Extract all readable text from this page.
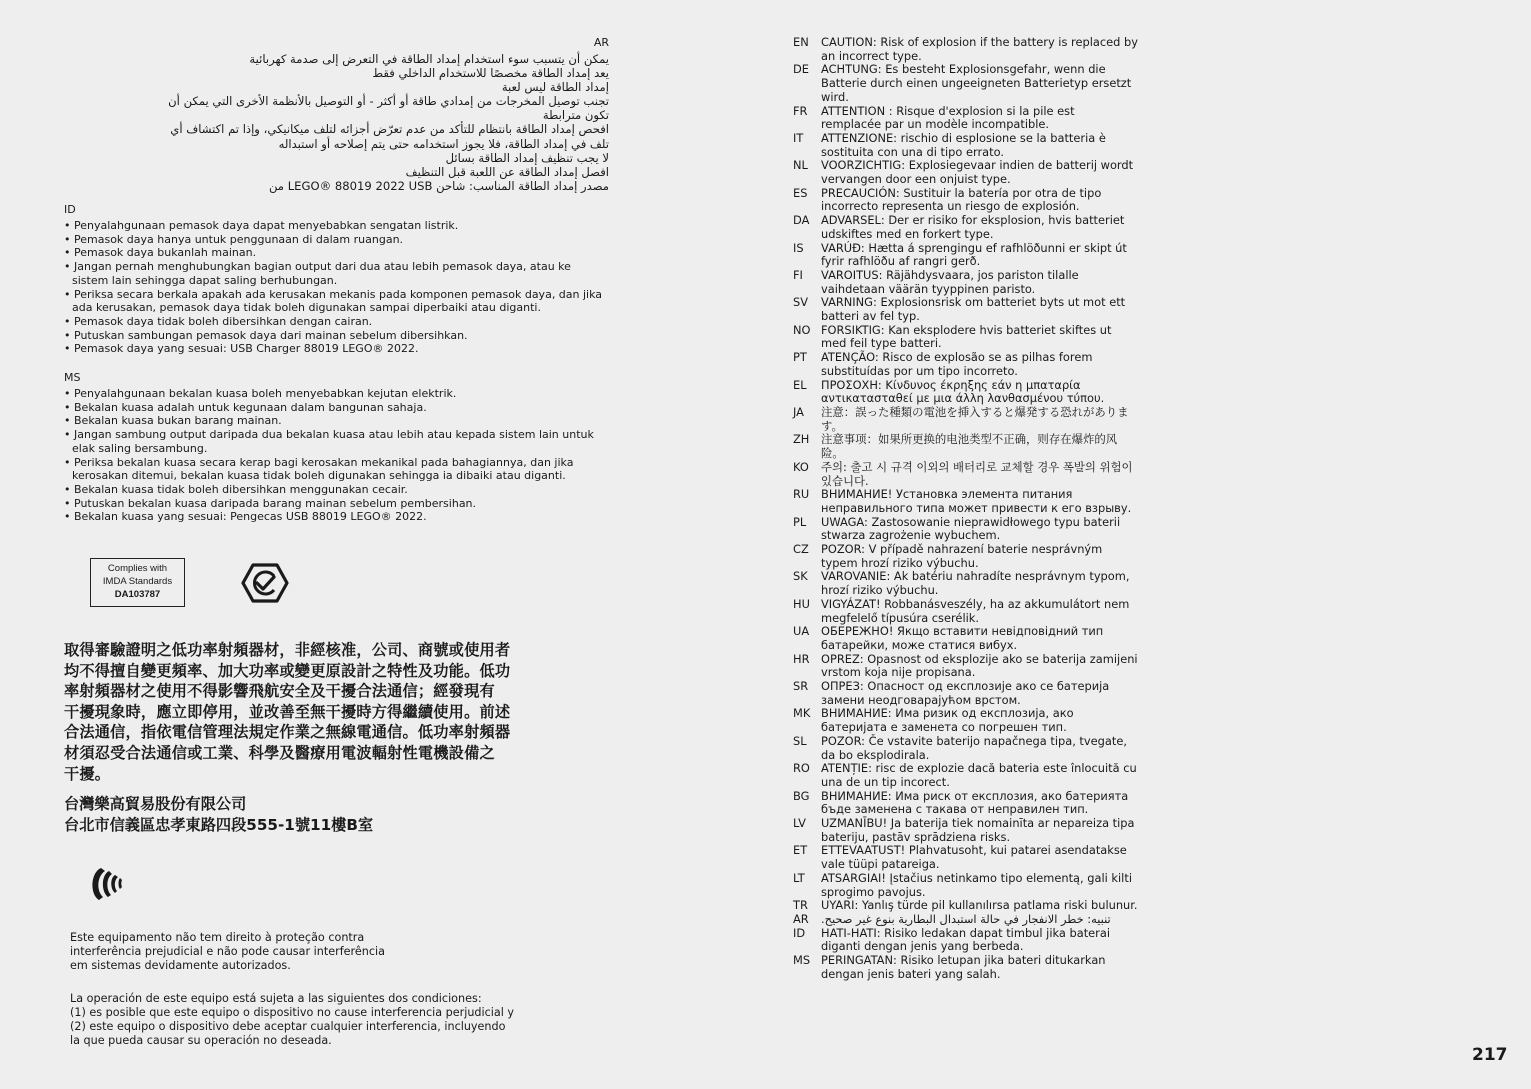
AR
يمكن أن يتسبب سوء استخدام إمداد الطاقة في التعرض إلى صدمة كهربائية
يعد إمداد الطاقة مخصصًا للاستخدام الداخلي فقط
إمداد الطاقة ليس لعبة
تجنب توصيل المخرجات من إمدادي طاقة أو أكثر - أو التوصيل بالأنظمة الأخرى التي يمكن أن
تكون مترابطة
افحص إمداد الطاقة بانتظام للتأكد من عدم تعرّض أجزائه لتلف ميكانيكي، وإذا تم اكتشاف أي
تلف في إمداد الطاقة، فلا يجوز استخدامه حتى يتم إصلاحه أو استبداله
لا يجب تنظيف إمداد الطاقة بسائل
افصل إمداد الطاقة عن اللعبة قبل التنظيف
مصدر إمداد الطاقة المناسب: شاحن LEGO® 88019 2022 USB من
ID
• Penyalahgunaan pemasok daya dapat menyebabkan sengatan listrik.
• Pemasok daya hanya untuk penggunaan di dalam ruangan.
• Pemasok daya bukanlah mainan.
• Jangan pernah menghubungkan bagian output dari dua atau lebih pemasok daya, atau ke sistem lain sehingga dapat saling berhubungan.
• Periksa secara berkala apakah ada kerusakan mekanis pada komponen pemasok daya, dan jika ada kerusakan, pemasok daya tidak boleh digunakan sampai diperbaiki atau diganti.
• Pemasok daya tidak boleh dibersihkan dengan cairan.
• Putuskan sambungan pemasok daya dari mainan sebelum dibersihkan.
• Pemasok daya yang sesuai: USB Charger 88019 LEGO® 2022.
MS
• Penyalahgunaan bekalan kuasa boleh menyebabkan kejutan elektrik.
• Bekalan kuasa adalah untuk kegunaan dalam bangunan sahaja.
• Bekalan kuasa bukan barang mainan.
• Jangan sambung output daripada dua bekalan kuasa atau lebih atau kepada sistem lain untuk elak saling bersambung.
• Periksa bekalan kuasa secara kerap bagi kerosakan mekanikal pada bahagiannya, dan jika kerosakan ditemui, bekalan kuasa tidak boleh digunakan sehingga ia dibaiki atau diganti.
• Bekalan kuasa tidak boleh dibersihkan menggunakan cecair.
• Putuskan bekalan kuasa daripada barang mainan sebelum pembersihan.
• Bekalan kuasa yang sesuai: Pengecas USB 88019 LEGO® 2022.
Complies with
IMDA Standards
DA103787
取得審驗證明之低功率射頻器材，非經核准，公司、商號或使用者
均不得擅自變更頻率、加大功率或變更原設計之特性及功能。低功
率射頻器材之使用不得影響飛航安全及干擾合法通信；經發現有
干擾現象時，應立即停用，並改善至無干擾時方得繼續使用。前述
合法通信，指依電信管理法規定作業之無線電通信。低功率射頻器
材須忍受合法通信或工業、科學及醫療用電波輻射性電機設備之
干擾。
台灣樂高貿易股份有限公司
台北市信義區忠孝東路四段555-1號11樓B室
Este equipamento não tem direito à proteção contra
interferência prejudicial e não pode causar interferência
em sistemas devidamente autorizados.
La operación de este equipo está sujeta a las siguientes dos condiciones:
(1) es posible que este equipo o dispositivo no cause interferencia perjudicial y
(2) este equipo o dispositivo debe aceptar cualquier interferencia, incluyendo
la que pueda causar su operación no deseada.
EN	CAUTION: Risk of explosion if the battery is replaced by an incorrect type.
DE	ACHTUNG: Es besteht Explosionsgefahr, wenn die Batterie durch einen ungeeigneten Batterietyp ersetzt wird.
FR	ATTENTION : Risque d'explosion si la pile est remplacée par un modèle incompatible.
IT	ATTENZIONE: rischio di esplosione se la batteria è sostituita con una di tipo errato.
NL	VOORZICHTIG: Explosiegevaar indien de batterij wordt vervangen door een onjuist type.
ES	PRECAUCIÓN: Sustituir la batería por otra de tipo incorrecto representa un riesgo de explosión.
DA	ADVARSEL: Der er risiko for eksplosion, hvis batteriet udskiftes med en forkert type.
IS	VARÚÐ: Hætta á sprengingu ef rafhlöðunni er skipt út fyrir rafhlöðu af rangri gerð.
FI	VAROITUS: Räjähdysvaara, jos pariston tilalle vaihdetaan väärän tyyppinen paristo.
SV	VARNING: Explosionsrisk om batteriet byts ut mot ett batteri av fel typ.
NO FORSIKTIG: Kan eksplodere hvis batteriet skiftes ut med feil type batteri.
PT	ATENÇÃO: Risco de explosão se as pilhas forem substituídas por um tipo incorreto.
EL	ΠΡΟΣΟΧΗ: Κίνδυνος έκρηξης εάν η μπαταρία αντικατασταθεί με μια άλλη λανθασμένου τύπου.
JA	注意：誤った種類の電池を挿入すると爆発する恐れがあります。
ZH	注意事项：如果所更换的电池类型不正确，则存在爆炸的风险。
KO	주의: 출고 시 규격 이외의 배터리로 교체할 경우 폭발의 위험이 있습니다.
RU	ВНИМАНИЕ! Установка элемента питания неправильного типа может привести к его взрыву.
PL	UWAGA: Zastosowanie nieprawidłowego typu baterii stwarza zagrożenie wybuchem.
CZ	POZOR: V případě nahrazení baterie nesprávným typem hrozí riziko výbuchu.
SK	VAROVANIE: Ak batériu nahradíte nesprávnym typom, hrozí riziko výbuchu.
HU VIGYÁZAT! Robbanásveszély, ha az akkumulátort nem megfelelő típusúra cserélik.
UA	ОБЕРЕЖНО! Якщо вставити невідповідний тип батарейки, може статися вибух.
HR	OPREZ: Opasnost od eksplozije ako se baterija zamijeni vrstom koja nije propisana.
SR	ОПРЕЗ: Опасност од експлозије ако се батерија замени неодговарајућом врстом.
MK ВНИМАНИЕ: Има ризик од експлозија, ако батеријата е заменета со погрешен тип.
SL	POZOR: Če vstavite baterijo napačnega tipa, tvegate, da bo eksplodirala.
RO ATENȚIE: risc de explozie dacă bateria este înlocuită cu una de un tip incorect.
BG	ВНИМАНИЕ: Има риск от експлозия, ако батерията бъде заменена с такава от неправилен тип.
LV	UZMANĪBU! Ja baterija tiek nomainīta ar nepareiza tipa bateriju, pastāv sprādziena risks.
ET	ETTEVAATUST! Plahvatusoht, kui patarei asendatakse vale tüüpi patareiga.
LT	ATSARGIAI! Įstačius netinkamo tipo elementą, gali kilti sprogimo pavojus.
TR	UYARI: Yanlış türde pil kullanılırsa patlama riski bulunur.
AR	تنبيه: خطر الانفجار في حالة استبدال البطارية بنوع غير صحيح.
ID	HATI-HATI: Risiko ledakan dapat timbul jika baterai diganti dengan jenis yang berbeda.
MS PERINGATAN: Risiko letupan jika bateri ditukarkan dengan jenis bateri yang salah.
217
